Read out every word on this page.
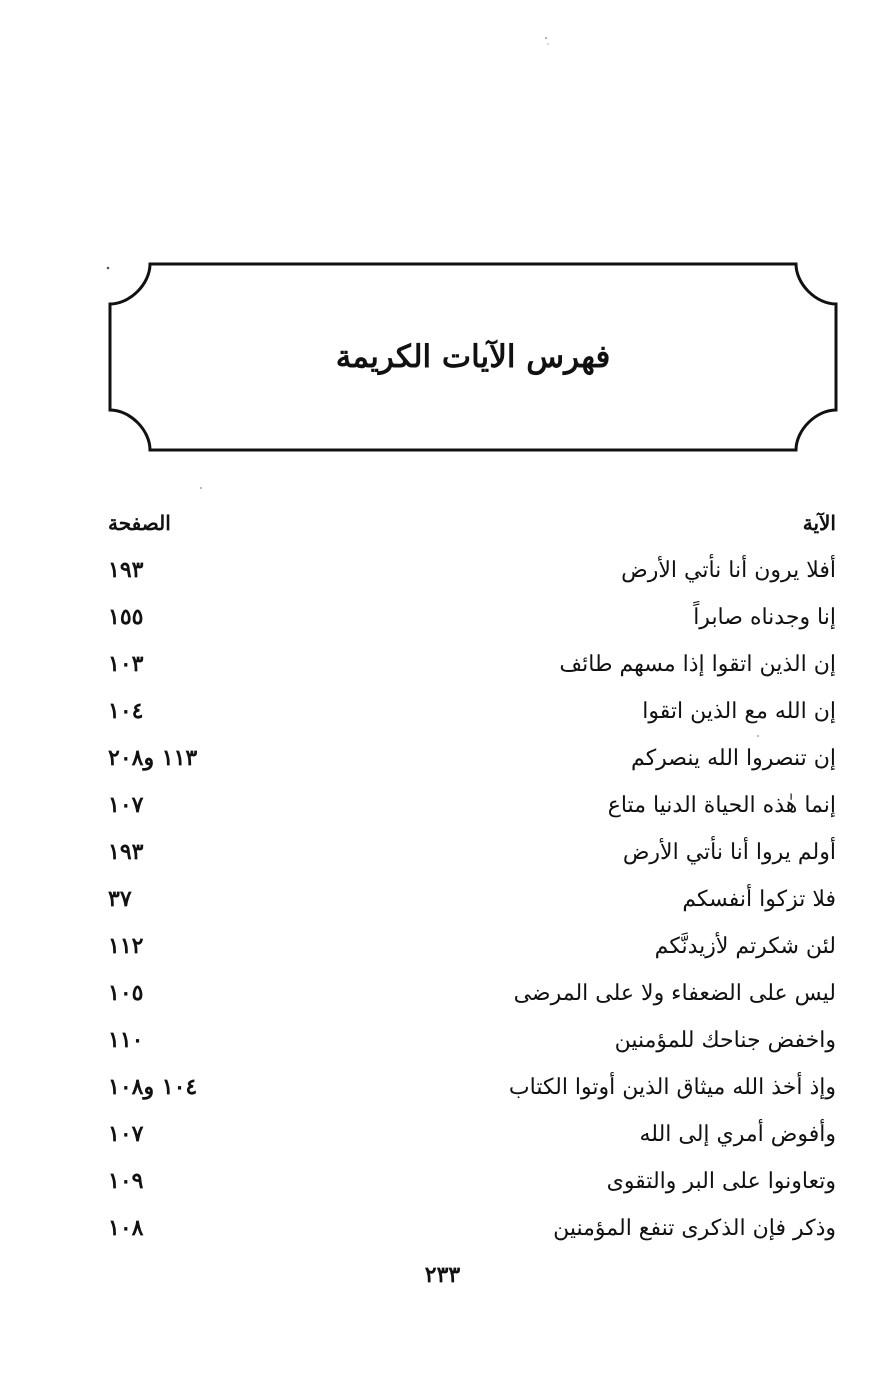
فهرس الآيات الكريمة
الآية
الصفحة
أفلا يرون أنا نأتي الأرض
١٩٣
إنا وجدناه صابراً
١٥٥
إن الذين اتقوا إذا مسهم طائف
١٠٣
إن الله مع الذين اتقوا
١٠٤
إن تنصروا الله ينصركم
١١٣ و٢٠٨
إنما هٰذه الحياة الدنيا متاع
١٠٧
أولم يروا أنا نأتي الأرض
١٩٣
فلا تزكوا أنفسكم
٣٧
لئن شكرتم لأزيدنَّكم
١١٢
ليس على الضعفاء ولا على المرضى
١٠٥
واخفض جناحك للمؤمنين
١١٠
وإذ أخذ الله ميثاق الذين أوتوا الكتاب
١٠٤ و١٠٨
وأفوض أمري إلى الله
١٠٧
وتعاونوا على البر والتقوى
١٠٩
وذكر فإن الذكرى تنفع المؤمنين
١٠٨
٢٣٣
